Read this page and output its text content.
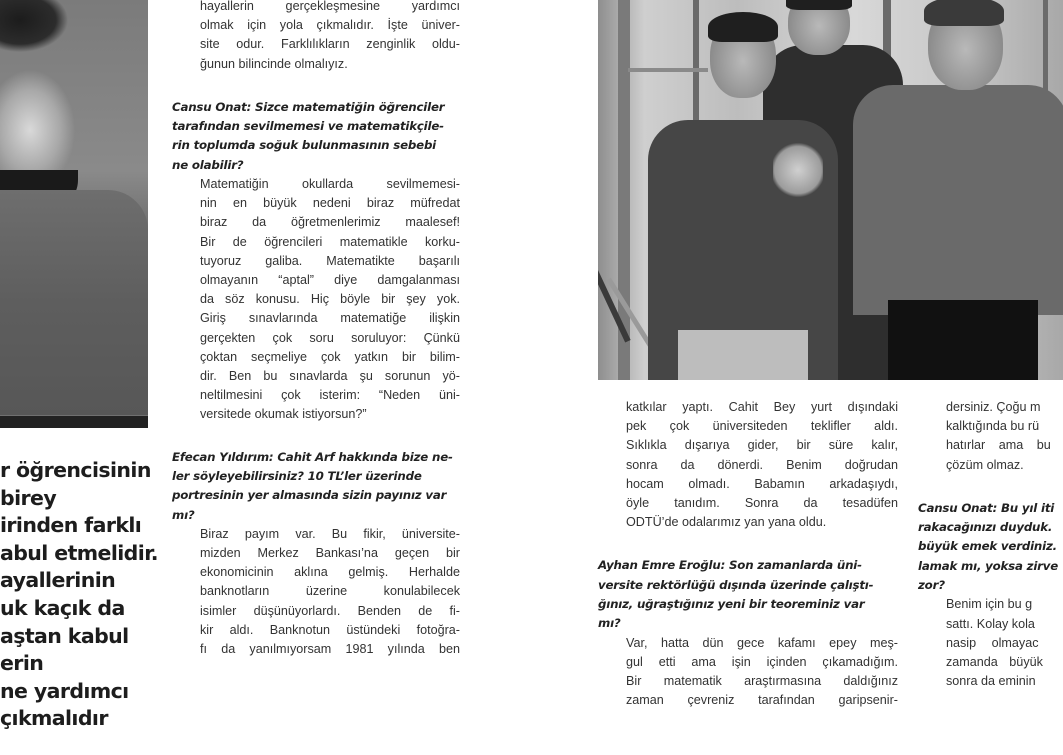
r öğrencisinin
birey
irinden farklı
abul etmelidir.
ayallerinin
uk kaçık da
aştan kabul
erin
ne yardımcı
çıkmalıdır
hayallerin gerçekleşmesine yardımcı
olmak için yola çıkmalıdır. İşte üniver-
site odur. Farklılıkların zenginlik oldu-
ğunun bilincinde olmalıyız.
Cansu Onat: Sizce matematiğin öğrenciler
tarafından sevilmemesi ve matematikçile-
rin toplumda soğuk bulunmasının sebebi
ne olabilir?
Matematiğin okullarda sevilmemesi-
nin en büyük nedeni biraz müfredat
biraz da öğretmenlerimiz maalesef!
Bir de öğrencileri matematikle korku-
tuyoruz galiba. Matematikte başarılı
olmayanın “aptal” diye damgalanması
da söz konusu. Hiç böyle bir şey yok.
Giriş sınavlarında matematiğe ilişkin
gerçekten çok soru soruluyor: Çünkü
çoktan seçmeliye çok yatkın bir bilim-
dir. Ben bu sınavlarda şu sorunun yö-
neltilmesini çok isterim: “Neden üni-
versitede okumak istiyorsun?”
Efecan Yıldırım: Cahit Arf hakkında bize ne-
ler söyleyebilirsiniz? 10 TL’ler üzerinde
portresinin yer almasında sizin payınız var
mı?
Biraz payım var. Bu fikir, üniversite-
mizden Merkez Bankası’na geçen bir
ekonomicinin aklına gelmiş. Herhalde
banknotların üzerine konulabilecek
isimler düşünüyorlardı. Benden de fi-
kir aldı. Banknotun üstündeki fotoğra-
fı da yanılmıyorsam 1981 yılında ben
katkılar yaptı. Cahit Bey yurt dışındaki
pek çok üniversiteden teklifler aldı.
Sıklıkla dışarıya gider, bir süre kalır,
sonra da dönerdi. Benim doğrudan
hocam olmadı. Babamın arkadaşıydı,
öyle tanıdım. Sonra da tesadüfen
ODTÜ’de odalarımız yan yana oldu.
Ayhan Emre Eroğlu: Son zamanlarda üni-
versite rektörlüğü dışında üzerinde çalıştı-
ğınız, uğraştığınız yeni bir teoreminiz var
mı?
Var, hatta dün gece kafamı epey meş-
gul etti ama işin içinden çıkamadığım.
Bir matematik araştırmasına daldığınız
zaman çevreniz tarafından garipsenir-
dersiniz. Çoğu m
kalktığında bu rü
hatırlar ama bu
çözüm olmaz.
Cansu Onat: Bu yıl iti
rakacağınızı duyduk.
büyük emek verdiniz.
lamak mı, yoksa zirve
zor?
Benim için bu g
sattı. Kolay kola
nasip olmayac
zamanda büyük
sonra da eminin
